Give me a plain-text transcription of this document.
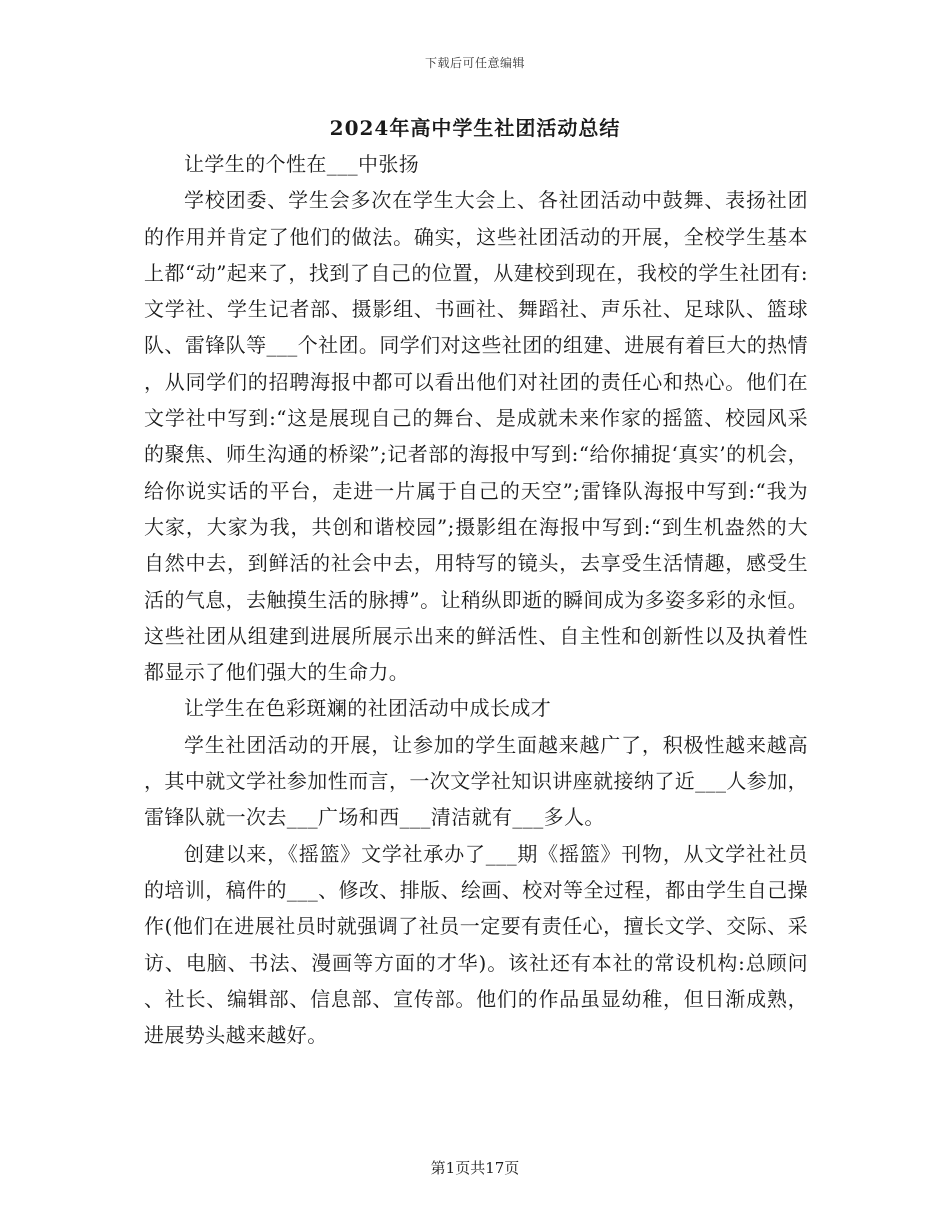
下载后可任意编辑
2024年高中学生社团活动总结

让学生的个性在___中张扬

学校团委、学生会多次在学生大会上、各社团活动中鼓舞、表扬社团的作用并肯定了他们的做法。确实，这些社团活动的开展，全校学生基本上都“动”起来了，找到了自己的位置，从建校到现在，我校的学生社团有:文学社、学生记者部、摄影组、书画社、舞蹈社、声乐社、足球队、篮球队、雷锋队等___个社团。同学们对这些社团的组建、进展有着巨大的热情，从同学们的招聘海报中都可以看出他们对社团的责任心和热心。他们在文学社中写到:“这是展现自己的舞台、是成就未来作家的摇篮、校园风采的聚焦、师生沟通的桥梁”;记者部的海报中写到:“给你捕捉‘真实’的机会，给你说实话的平台，走进一片属于自己的天空”;雷锋队海报中写到:“我为大家，大家为我，共创和谐校园”;摄影组在海报中写到:“到生机盎然的大自然中去，到鲜活的社会中去，用特写的镜头，去享受生活情趣，感受生活的气息，去触摸生活的脉搏”。让稍纵即逝的瞬间成为多姿多彩的永恒。这些社团从组建到进展所展示出来的鲜活性、自主性和创新性以及执着性都显示了他们强大的生命力。

让学生在色彩斑斓的社团活动中成长成才

学生社团活动的开展，让参加的学生面越来越广了，积极性越来越高，其中就文学社参加性而言，一次文学社知识讲座就接纳了近___人参加，雷锋队就一次去___广场和西___清洁就有___多人。

创建以来，《摇篮》文学社承办了___期《摇篮》刊物，从文学社社员的培训，稿件的___、修改、排版、绘画、校对等全过程，都由学生自己操作(他们在进展社员时就强调了社员一定要有责任心，擅长文学、交际、采访、电脑、书法、漫画等方面的才华)。该社还有本社的常设机构:总顾问、社长、编辑部、信息部、宣传部。他们的作品虽显幼稚，但日渐成熟，进展势头越来越好。

第1页共17页
